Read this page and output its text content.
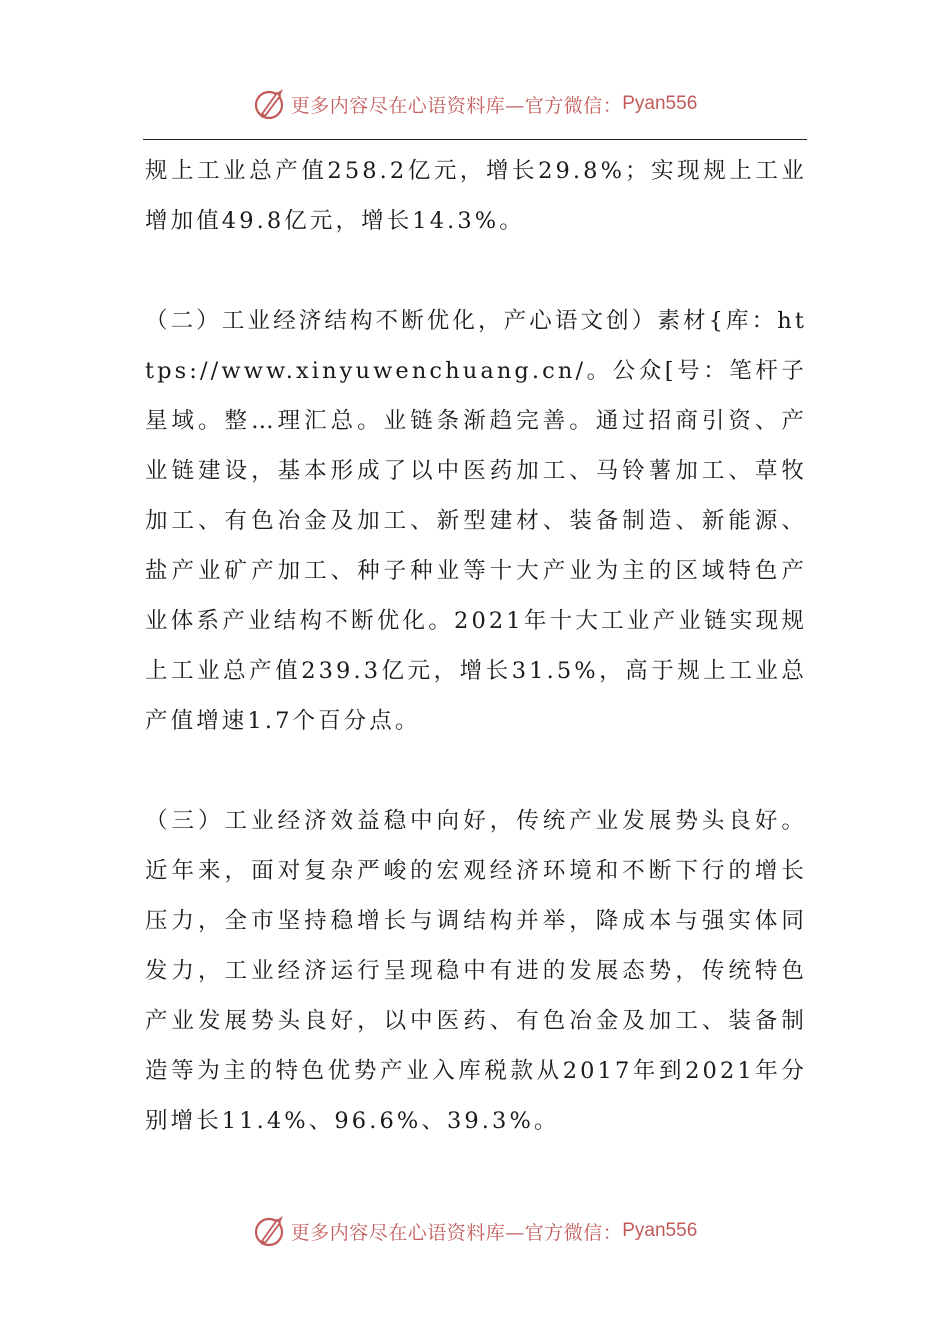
更多内容尽在心语资料库—官方微信： Pyan556

规上工业总产值258.2亿元，增长29.8%；实现规上工业增加值49.8亿元，增长14.3%。

（二）工业经济结构不断优化，产心语文创）素材{库：https://www.xinyuwenchuang.cn/。公众[号：笔杆子星域。整…理汇总。业链条渐趋完善。通过招商引资、产业链建设，基本形成了以中医药加工、马铃薯加工、草牧加工、有色冶金及加工、新型建材、装备制造、新能源、盐产业矿产加工、种子种业等十大产业为主的区域特色产业体系产业结构不断优化。2021年十大工业产业链实现规上工业总产值239.3亿元，增长31.5%，高于规上工业总产值增速1.7个百分点。

（三）工业经济效益稳中向好，传统产业发展势头良好。近年来，面对复杂严峻的宏观经济环境和不断下行的增长压力，全市坚持稳增长与调结构并举，降成本与强实体同发力，工业经济运行呈现稳中有进的发展态势，传统特色产业发展势头良好，以中医药、有色冶金及加工、装备制造等为主的特色优势产业入库税款从2017年到2021年分别增长11.4%、96.6%、39.3%。

更多内容尽在心语资料库—官方微信： Pyan556
